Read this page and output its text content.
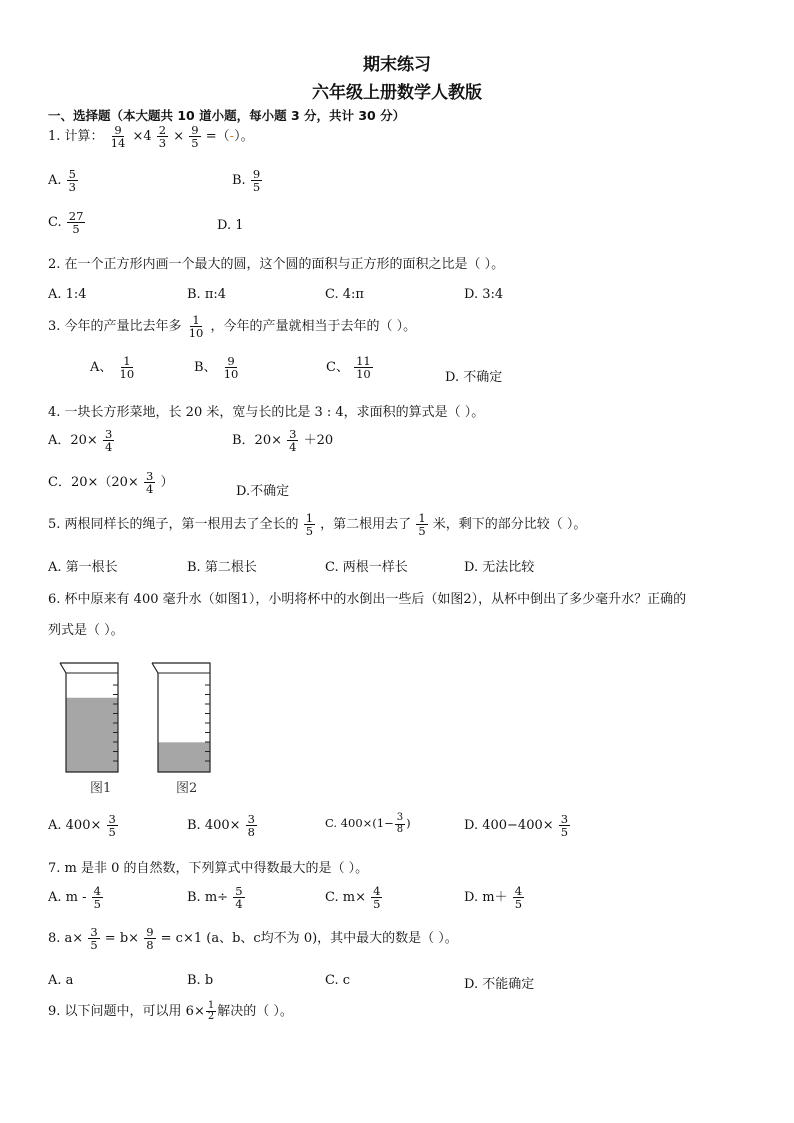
期末练习
六年级上册数学人教版
一、选择题（本大题共 10 道小题，每小题 3 分，共计 30 分）
1. 计算： $\frac{9}{14} \times 4 \frac{2}{3} \times \frac{9}{5}$ =（-）。
A. $\frac{5}{3}$	B. $\frac{9}{5}$
C. $\frac{27}{5}$	D. 1
2. 在一个正方形内画一个最大的圆，这个圆的面积与正方形的面积之比是（ ）。
A. 1:4	B. π:4	C. 4:π	D. 3:4
3. 今年的产量比去年多 $\frac{1}{10}$ ，今年的产量就相当于去年的（ ）。
A、 $\frac{1}{10}$	B、 $\frac{9}{10}$	C、 $\frac{11}{10}$	D. 不确定
4. 一块长方形菜地，长 20 米，宽与长的比是 3 : 4，求面积的算式是（ ）。
A．$20\times \frac{3}{4}$	B．$20\times \frac{3}{4} +20$
C．$20\times(20\times \frac{3}{4}$ ）
D.不确定
5. 两根同样长的绳子，第一根用去了全长的 $\frac{1}{5}$ ，第二根用去了 $\frac{1}{5}$ 米，剩下的部分比较（ ）。
A. 第一根长	B. 第二根长	C. 两根一样长	D. 无法比较
6. 杯中原来有 400 毫升水（如图1），小明将杯中的水倒出一些后（如图2），从杯中倒出了多少毫升水？正确的
列式是（ ）。
图1	图2
A. $400\times \frac{3}{5}$	B. $400\times \frac{3}{8}$	C. $400\times(1- \frac{3}{8}$ )	D. $400-400\times \frac{3}{5}$
7. m 是非 0 的自然数，下列算式中得数最大的是（ ）。
A. m - $\frac{4}{5}$	B. $m\div \frac{5}{4}$	C. $m\times \frac{4}{5}$	D. $m+ \frac{4}{5}$
8. $a\times \frac{3}{5} = b\times \frac{9}{8} = c\times 1$ (a、b、c均不为 0)，其中最大的数是（ ）。
A. a	B. b	C. c	D. 不能确定
9. 以下问题中，可以用 $6\times \frac{1}{2}$ 解决的（ ）。
